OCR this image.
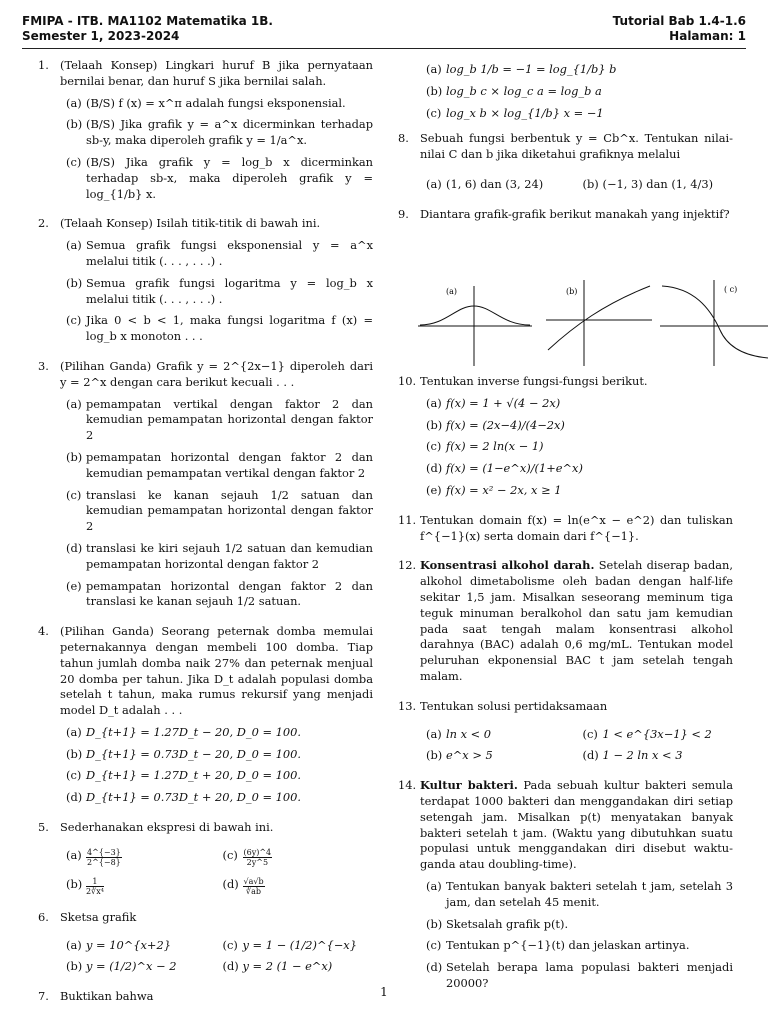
FMIPA - ITB. MA1102 Matematika 1B.
Semester 1, 2023-2024
Tutorial Bab 1.4-1.6
Halaman: 1
1. (Telaah Konsep) Lingkari huruf B jika pernyataan bernilai benar, dan huruf S jika bernilai salah.
(a) (B/S) f (x) = x^π adalah fungsi eksponensial.
(b) (B/S) Jika grafik y = a^x dicerminkan terhadap sb-y, maka diperoleh grafik y = 1/a^x.
(c) (B/S) Jika grafik y = log_b x dicerminkan terhadap sb-x, maka diperoleh grafik y = log_{1/b} x.
2. (Telaah Konsep) Isilah titik-titik di bawah ini.
(a) Semua grafik fungsi eksponensial y = a^x melalui titik (. . . , . . .) .
(b) Semua grafik fungsi logaritma y = log_b x melalui titik (. . . , . . .) .
(c) Jika 0 < b < 1, maka fungsi logaritma f (x) = log_b x monoton . . .
3. (Pilihan Ganda) Grafik y = 2^{2x−1} diperoleh dari y = 2^x dengan cara berikut kecuali . . .
(a) pemampatan vertikal dengan faktor 2 dan kemudian pemampatan horizontal dengan faktor 2
(b) pemampatan horizontal dengan faktor 2 dan kemudian pemampatan vertikal dengan faktor 2
(c) translasi ke kanan sejauh 1/2 satuan dan kemudian pemampatan horizontal dengan faktor 2
(d) translasi ke kiri sejauh 1/2 satuan dan kemudian pemampatan horizontal dengan faktor 2
(e) pemampatan horizontal dengan faktor 2 dan translasi ke kanan sejauh 1/2 satuan.
4. (Pilihan Ganda) Seorang peternak domba memulai peternakannya dengan membeli 100 domba. Tiap tahun jumlah domba naik 27% dan peternak menjual 20 domba per tahun. Jika D_t adalah populasi domba setelah t tahun, maka rumus rekursif yang menjadi model D_t adalah . . .
(a) D_{t+1} = 1.27D_t − 20, D_0 = 100.
(b) D_{t+1} = 0.73D_t − 20, D_0 = 100.
(c) D_{t+1} = 1.27D_t + 20, D_0 = 100.
(d) D_{t+1} = 0.73D_t + 20, D_0 = 100.
5. Sederhanakan ekspresi di bawah ini.
$(a) \frac{4\^{}\{-3\}}{2\^{}\{-8\}}$	$(c) \frac{(6y)\^{}4}{2y\^{}5}$
$(b) \frac{1}{\text{2∛x⁴}}$	$(d) \frac{√a√b}{∛ab}$
6. Sketsa grafik
(a) y = 10^{x+2}	(c) y = 1 − (1/2)^{−x}
(b) y = (1/2)^x − 2	(d) y = 2 (1 − e^x)
7. Buktikan bahwa
(a) log_b 1/b = −1 = log_{1/b} b
(b) log_b c × log_c a = log_b a
(c) log_x b × log_{1/b} x = −1
8. Sebuah fungsi berbentuk y = Cb^x. Tentukan nilai-nilai C dan b jika diketahui grafiknya melalui
(a) (1, 6) dan (3, 24)	(b) (−1, 3) dan (1, 4/3)
9. Diantara grafik-grafik berikut manakah yang injektif?
(a)	(b)	( c)
10. Tentukan inverse fungsi-fungsi berikut.
(a) f(x) = 1 + √(4 − 2x)
(b) f(x) = (2x−4)/(4−2x)
(c) f(x) = 2 ln(x − 1)
(d) f(x) = (1−e^x)/(1+e^x)
(e) f(x) = x² − 2x, x ≥ 1
11. Tentukan domain f(x) = ln(e^x − e^2) dan tuliskan f^{−1}(x) serta domain dari f^{−1}.
12. Konsentrasi alkohol darah. Setelah diserap badan, alkohol dimetabolisme oleh badan dengan half-life sekitar 1,5 jam. Misalkan seseorang meminum tiga teguk minuman beralkohol dan satu jam kemudian pada saat tengah malam konsentrasi alkohol darahnya (BAC) adalah 0,6 mg/mL. Tentukan model peluruhan ekponensial BAC t jam setelah tengah malam.
13. Tentukan solusi pertidaksamaan
(a) ln x < 0	(c) 1 < e^{3x−1} < 2
(b) e^x > 5	(d) 1 − 2 ln x < 3
14. Kultur bakteri. Pada sebuah kultur bakteri semula terdapat 1000 bakteri dan menggandakan diri setiap setengah jam. Misalkan p(t) menyatakan banyak bakteri setelah t jam. (Waktu yang dibutuhkan suatu populasi untuk menggandakan diri disebut waktu-ganda atau doubling-time).
(a) Tentukan banyak bakteri setelah t jam, setelah 3 jam, dan setelah 45 menit.
(b) Sketsalah grafik p(t).
(c) Tentukan p^{−1}(t) dan jelaskan artinya.
(d) Setelah berapa lama populasi bakteri menjadi 20000?
1
